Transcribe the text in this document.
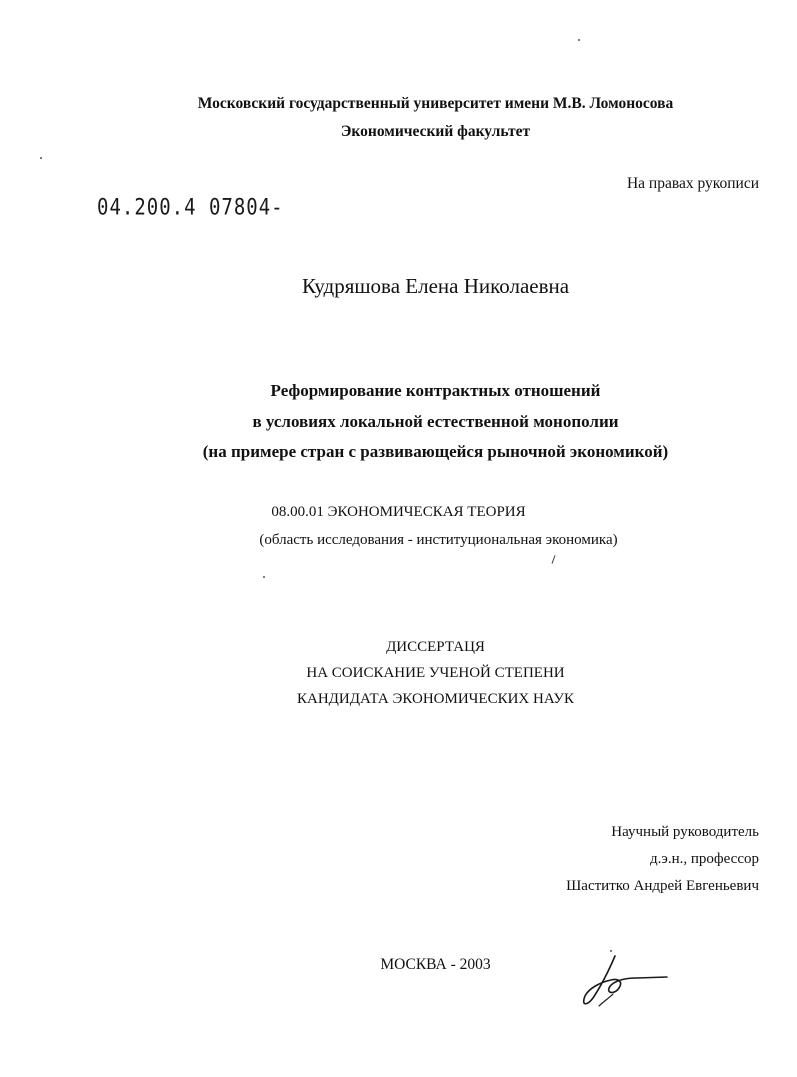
Московский государственный университет имени М.В. Ломоносова
Экономический факультет
На правах рукописи
04.200.4 07804-
Кудряшова Елена Николаевна
Реформирование контрактных отношений
в условиях локальной естественной монополии
(на примере стран с развивающейся рыночной экономикой)
08.00.01 ЭКОНОМИЧЕСКАЯ ТЕОРИЯ
(область исследования - институциональная экономика)
ДИССЕРТАЦЯ
НА СОИСКАНИЕ УЧЕНОЙ СТЕПЕНИ
КАНДИДАТА ЭКОНОМИЧЕСКИХ НАУК
Научный руководитель
д.э.н., профессор
Шаститко Андрей Евгеньевич
МОСКВА - 2003
